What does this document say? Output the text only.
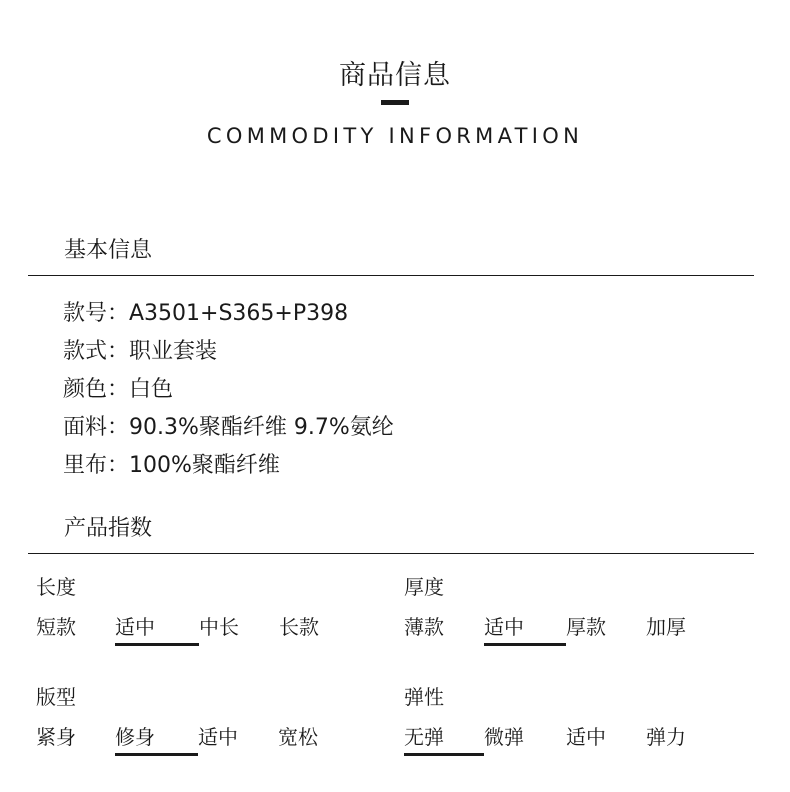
商品信息
COMMODITY INFORMATION
基本信息
款号：A3501+S365+P398
款式：职业套装
颜色：白色
面料：90.3%聚酯纤维 9.7%氨纶
里布：100%聚酯纤维
产品指数
长度
短款	适中	中长	长款
厚度
薄款	适中	厚款	加厚
版型
紧身	修身	适中	宽松
弹性
无弹	微弹	适中	弹力
